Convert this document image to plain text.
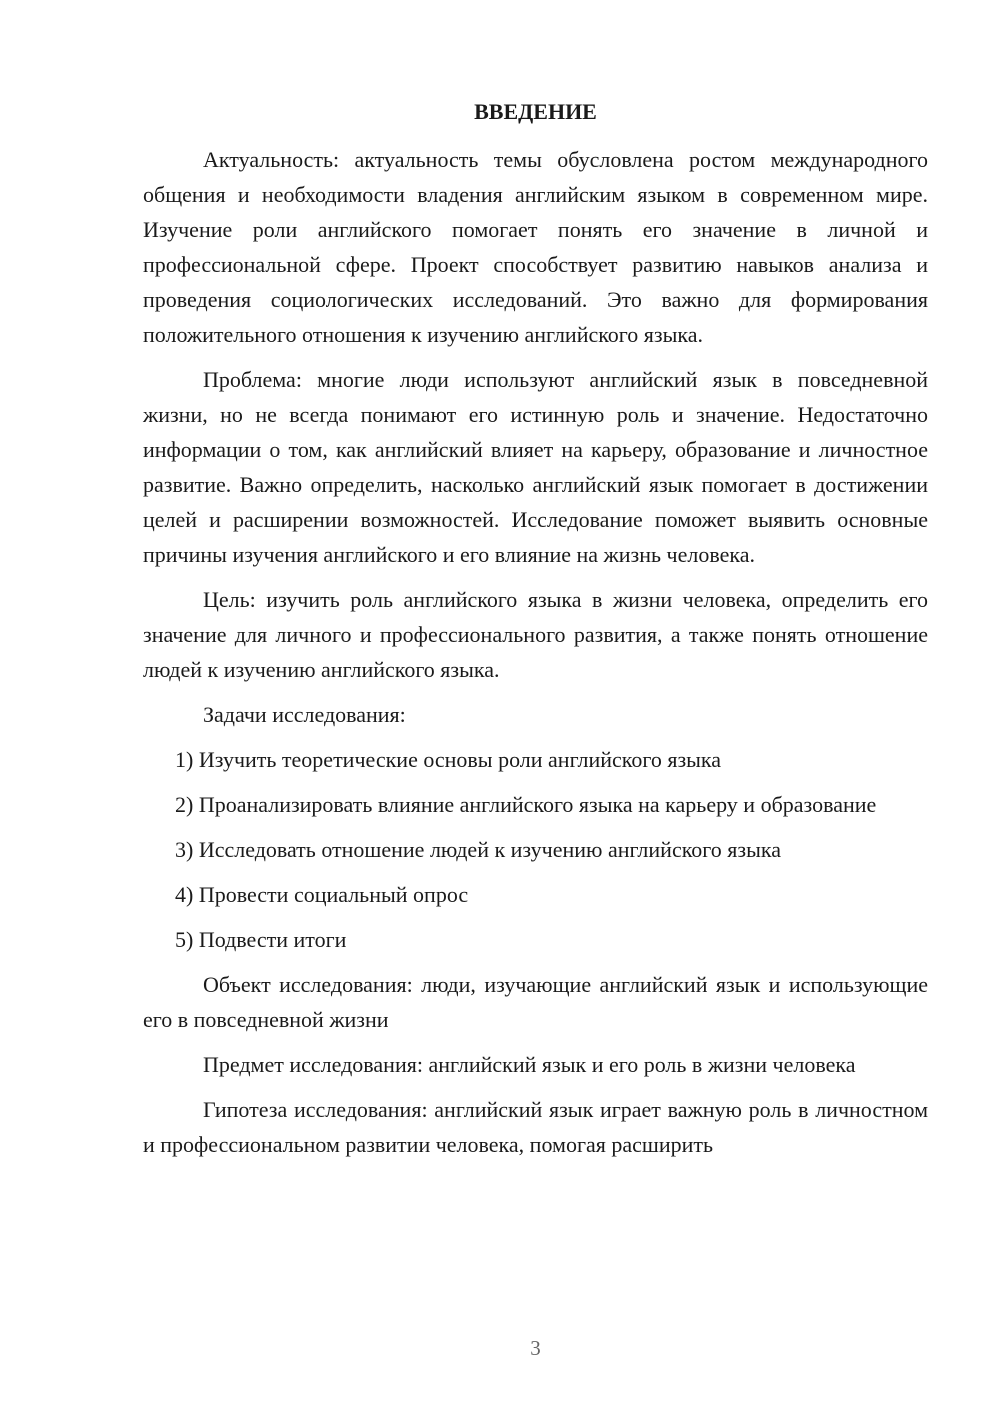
ВВЕДЕНИЕ

Актуальность: актуальность темы обусловлена ростом международного общения и необходимости владения английским языком в современном мире. Изучение роли английского помогает понять его значение в личной и профессиональной сфере. Проект способствует развитию навыков анализа и проведения социологических исследований. Это важно для формирования положительного отношения к изучению английского языка.

Проблема: многие люди используют английский язык в повседневной жизни, но не всегда понимают его истинную роль и значение. Недостаточно информации о том, как английский влияет на карьеру, образование и личностное развитие. Важно определить, насколько английский язык помогает в достижении целей и расширении возможностей. Исследование поможет выявить основные причины изучения английского и его влияние на жизнь человека.

Цель: изучить роль английского языка в жизни человека, определить его значение для личного и профессионального развития, а также понять отношение людей к изучению английского языка.

Задачи исследования:

1) Изучить теоретические основы роли английского языка

2) Проанализировать влияние английского языка на карьеру и образование

3) Исследовать отношение людей к изучению английского языка

4) Провести социальный опрос

5) Подвести итоги

Объект исследования: люди, изучающие английский язык и использующие его в повседневной жизни

Предмет исследования: английский язык и его роль в жизни человека

Гипотеза исследования: английский язык играет важную роль в личностном и профессиональном развитии человека, помогая расширить

3
